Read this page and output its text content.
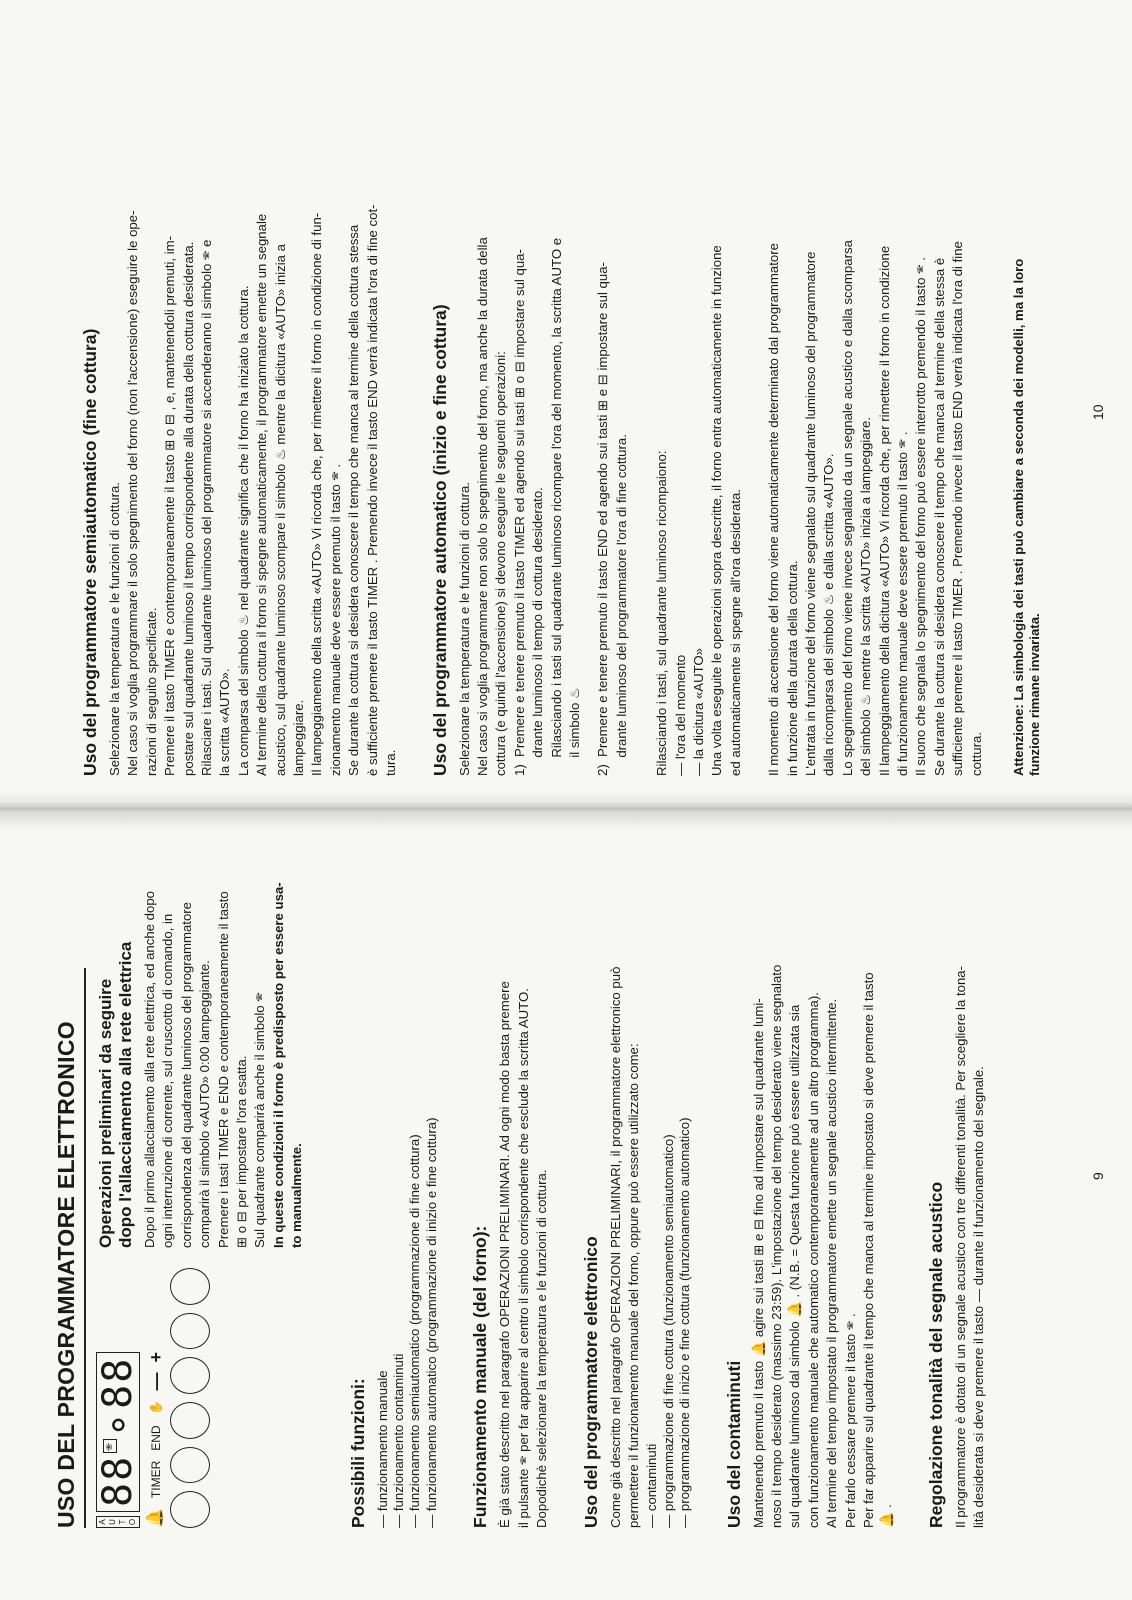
USO DEL PROGRAMMATORE ELETTRONICO	A U T O
88
🕾
∘
88
🔔
TIMER
END
✋
—
+
Operazioni preliminari da seguire
dopo l'allacciamento alla rete elettrica Dopo il primo allacciamento alla rete elettrica, ed anche dopo ogni interruzione di corrente, sul cruscotto di comando, in corrispondenza del quadrante luminoso del programmatore comparirà il simbolo «AUTO» 0:00 lampeggiante. Premere i tasti TIMER e END e contemporaneamente il tasto ⊞ o ⊟ per impostare l'ora esatta. Sul quadrante comparirà anche il simbolo 🕾 In queste condizioni il forno è predisposto per essere usa- to manualmente.

Possibili funzioni: — funzionamento manuale — funzionamento contaminuti — funzionamento semiautomatico (programmazione di fine cottura) — funzionamento automatico (programmazione di inizio e fine cottura) Funzionamento manuale (del forno): È già stato descritto nel paragrafo OPERAZIONI PRELIMINARI. Ad ogni modo basta premere il pulsante 🕾 per far apparire al centro il simbolo corrispondente che esclude la scritta AUTO. Dopodichè selezionare la temperatura e le funzioni di cottura. Uso del programmatore elettronico Come già descritto nel paragrafo OPERAZIONI PRELIMINARI, il programmatore elettronico può permettere il funzionamento manuale del forno, oppure può essere utilizzato come: — contaminuti — programmazione di fine cottura (funzionamento semiautomatico) — programmazione di inizio e fine cottura (funzionamento automatico) Uso del contaminuti Mantenendo premuto il tasto 🔔 agire sui tasti ⊞ e ⊟ fino ad impostare sul quadrante lumi- noso il tempo desiderato (massimo 23:59). L'impostazione del tempo desiderato viene segnalato sul quadrante luminoso dal simbolo 🔔 . (N.B. = Questa funzione può essere utilizzata sia con funzionamento manuale che automatico contemporaneamente ad un altro programma). Al termine del tempo impostato il programmatore emette un segnale acustico intermittente. Per farlo cessare premere il tasto 🕾 . Per far apparire sul quadrante il tempo che manca al termine impostato si deve premere il tasto 🔔 . Regolazione tonalità del segnale acustico Il programmatore è dotato di un segnale acustico con tre differenti tonalità. Per scegliere la tona- lità desiderata si deve premere il tasto — durante il funzionamento del segnale.	9
Uso del programmatore semiautomatico (fine cottura) Selezionare la temperatura e le funzioni di cottura. Nel caso si voglia programmare il solo spegnimento del forno (non l'accensione) eseguire le ope- razioni di seguito specificate. Premere il tasto TIMER e contemporaneamente il tasto ⊞ o ⊟ , e, mantenendoli premuti, im- postare sul quadrante luminoso il tempo corrispondente alla durata della cottura desiderata. Rilasciare i tasti. Sul quadrante luminoso del programmatore si accenderanno il simbolo 🕾 e la scritta «AUTO». La comparsa del simbolo ♨ nel quadrante significa che il forno ha iniziato la cottura. Al termine della cottura il forno si spegne automaticamente, il programmatore emette un segnale acustico, sul quadrante luminoso scompare il simbolo ♨ mentre la dicitura «AUTO» inizia a lampeggiare. Il lampeggiamento della scritta «AUTO» Vi ricorda che, per rimettere il forno in condizione di fun- zionamento manuale deve essere premuto il tasto 🕾 . Se durante la cottura si desidera conoscere il tempo che manca al termine della cottura stessa è sufficiente premere il tasto TIMER . Premendo invece il tasto END verrà indicata l'ora di fine cot- tura. Uso del programmatore automatico (inizio e fine cottura) Selezionare la temperatura e le funzioni di cottura. Nel caso si voglia programmare non solo lo spegnimento del forno, ma anche la durata della cottura (e quindi l'accensione) si devono eseguire le seguenti operazioni: 1)  Premere e tenere premuto il tasto TIMER ed agendo sui tasti ⊞ o ⊟ impostare sul qua- drante luminoso il tempo di cottura desiderato. Rilasciando i tasti sul quadrante luminoso ricompare l'ora del momento, la scritta AUTO e il simbolo ♨ 2)  Premere e tenere premuto il tasto END ed agendo sui tasti ⊞ e ⊟ impostare sul qua- drante luminoso del programmatore l'ora di fine cottura. Rilasciando i tasti, sul quadrante luminoso ricompaiono: — l'ora del momento — la dicitura «AUTO» Una volta eseguite le operazioni sopra descritte, il forno entra automaticamente in funzione ed automaticamente si spegne all'ora desiderata. Il momento di accensione del forno viene automaticamente determinato dal programmatore in funzione della durata della cottura. L'entrata in funzione del forno viene segnalato sul quadrante luminoso del programmatore dalla ricomparsa del simbolo ♨ e dalla scritta «AUTO». Lo spegnimento del forno viene invece segnalato da un segnale acustico e dalla scomparsa del simbolo ♨ mentre la scritta «AUTO» inizia a lampeggiare. Il lampeggiamento della dicitura «AUTO» Vi ricorda che, per rimettere il forno in condizione di funzionamento manuale deve essere premuto il tasto 🕾 . Il suono che segnala lo spegnimento del forno può essere interrotto premendo il tasto 🕾 . Se durante la cottura si desidera conoscere il tempo che manca al termine della stessa è sufficiente premere il tasto TIMER . Premendo invece il tasto END verrà indicata l'ora di fine cottura. Attenzione: La simbologia dei tasti può cambiare a seconda dei modelli, ma la loro funzione rimane invariata.
10
